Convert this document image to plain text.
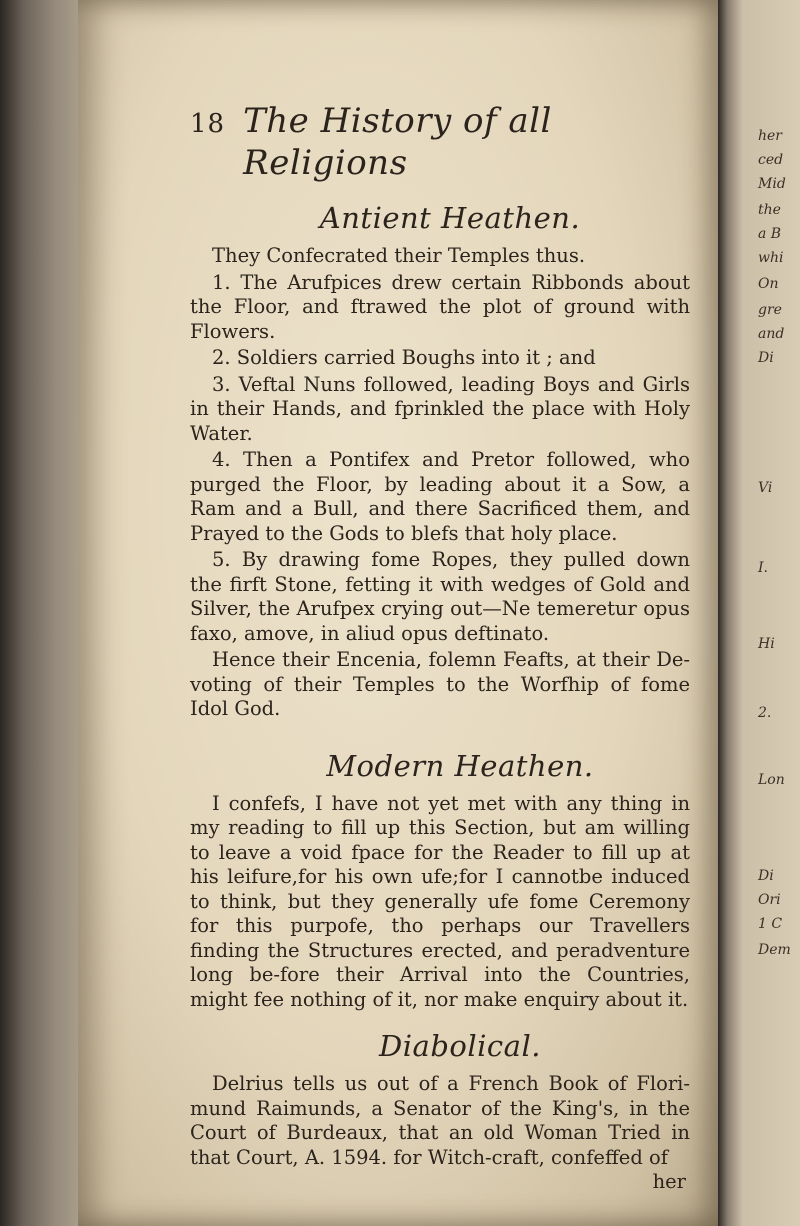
her
ced
Mid
the
a B
whi
On
gre
and
Di
Vi
I.
Hi
2.
Lon
Di
Ori
1 C
Dem
18 The History of all Religions
Antient Heathen.

They Confecrated their Temples thus.

1. The Arufpices drew certain Ribbonds about the Floor, and ftrawed the plot of ground with Flowers.

2. Soldiers carried Boughs into it ; and

3. Veftal Nuns followed, leading Boys and Girls in their Hands, and fprinkled the place with Holy Water.

4. Then a Pontifex and Pretor followed, who purged the Floor, by leading about it a Sow, a Ram and a Bull, and there Sacrificed them, and Prayed to the Gods to blefs that holy place.

5. By drawing fome Ropes, they pulled down the firft Stone, fetting it with wedges of Gold and Silver, the Arufpex crying out—Ne temeretur opus faxo, amove, in aliud opus deftinato.

Hence their Encenia, folemn Feafts, at their De-voting of their Temples to the Worfhip of fome Idol God.

Modern Heathen.

I confefs, I have not yet met with any thing in my reading to fill up this Section, but am willing to leave a void fpace for the Reader to fill up at his leifure,for his own ufe;for I cannotbe induced to think, but they generally ufe fome Ceremony for this purpofe, tho perhaps our Travellers finding the Structures erected, and peradventure long be-fore their Arrival into the Countries, might fee nothing of it, nor make enquiry about it.

Diabolical.

Delrius tells us out of a French Book of Flori-mund Raimunds, a Senator of the King's, in the Court of Burdeaux, that an old Woman Tried in that Court, A. 1594. for Witch-craft, confeffed of

her
